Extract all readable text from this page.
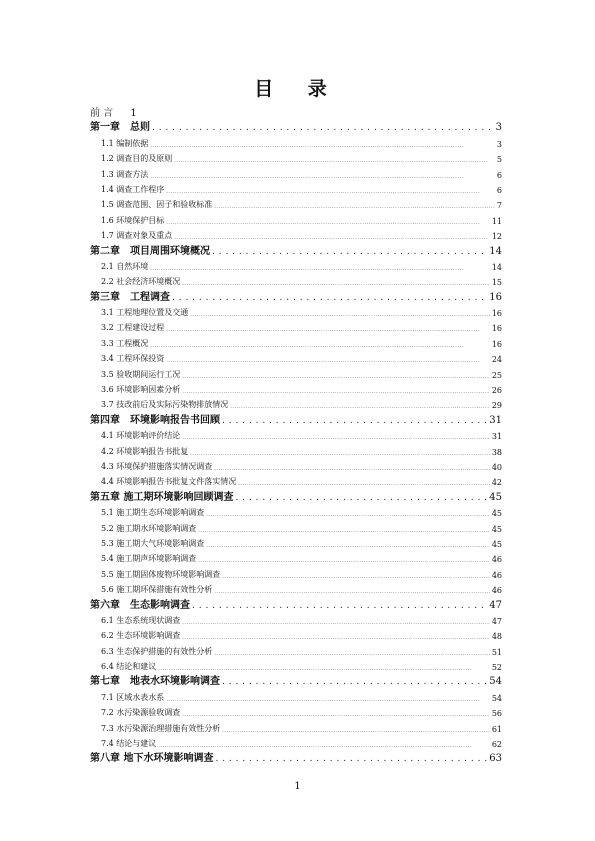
目 录
前 言 1
第一章　总则 . . .	3
1.1 编制依据 . . .	3
1.2 调查目的及原则 . . .	5
1.3 调查方法 . . .	6
1.4 调查工作程序 . . .	6
1.5 调查范围、因子和验收标准 . . .	7
1.6 环境保护目标 . . .	11
1.7 调查对象及重点 . . .	12
第二章　项目周围环境概况 . . .	14
2.1 自然环境 . . .	14
2.2 社会经济环境概况 . . .	15
第三章　工程调查 . . .	16
3.1 工程地理位置及交通 . . .	16
3.2 工程建设过程 . . .	16
3.3 工程概况 . . .	16
3.4 工程环保投资 . . .	24
3.5 验收期间运行工况 . . .	25
3.6 环境影响因素分析 . . .	26
3.7 技改前后及实际污染物排放情况 . . .	29
第四章　环境影响报告书回顾 . . .	31
4.1 环境影响评价结论 . . .	31
4.2 环境影响报告书批复 . . .	38
4.3 环境保护措施落实情况调查 . . .	40
4.4 环境影响报告书批复文件落实情况 . . .	42
第五章 施工期环境影响回顾调查 . . .	45
5.1 施工期生态环境影响调查 . . .	45
5.2 施工期水环境影响调查 . . .	45
5.3 施工期大气环境影响调查 . . .	45
5.4 施工期声环境影响调查 . . .	46
5.5 施工期固体废物环境影响调查 . . .	46
5.6 施工期环保措施有效性分析 . . .	46
第六章　生态影响调查 . . .	47
6.1 生态系统现状调查 . . .	47
6.2 生态环境影响调查 . . .	48
6.3 生态保护措施的有效性分析 . . .	51
6.4 结论和建议 . . .	52
第七章　地表水环境影响调查 . . .	54
7.1 区域水表水系 . . .	54
7.2 水污染源验收调查 . . .	56
7.3 水污染源治理措施有效性分析 . . .	61
7.4 结论与建议 . . .	62
第八章 地下水环境影响调查 . . .	63
1
